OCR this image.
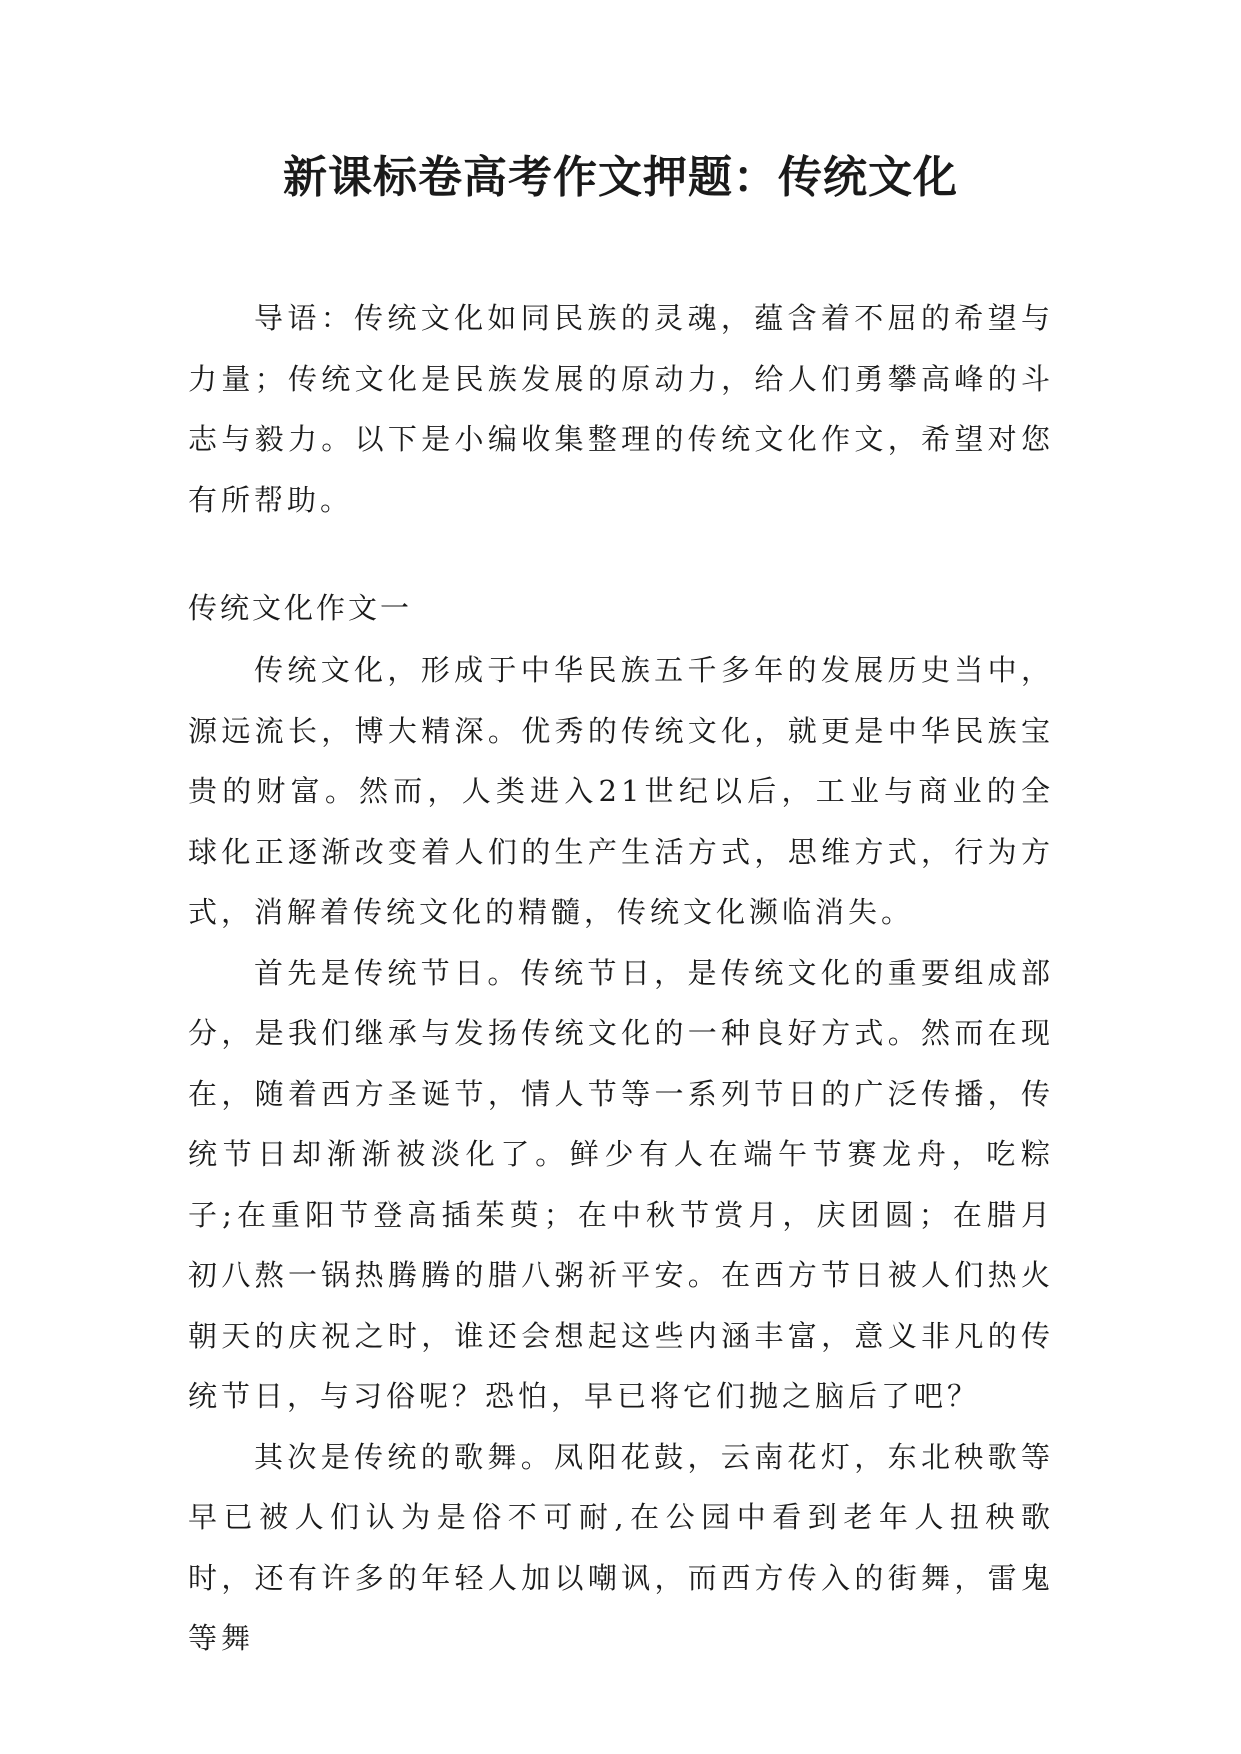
新课标卷高考作文押题：传统文化

导语：传统文化如同民族的灵魂，蕴含着不屈的希望与力量；传统文化是民族发展的原动力，给人们勇攀高峰的斗志与毅力。以下是小编收集整理的传统文化作文，希望对您有所帮助。

传统文化作文一

传统文化，形成于中华民族五千多年的发展历史当中，源远流长，博大精深。优秀的传统文化，就更是中华民族宝贵的财富。然而，人类进入21世纪以后，工业与商业的全球化正逐渐改变着人们的生产生活方式，思维方式，行为方式，消解着传统文化的精髓，传统文化濒临消失。

首先是传统节日。传统节日，是传统文化的重要组成部分，是我们继承与发扬传统文化的一种良好方式。然而在现在，随着西方圣诞节，情人节等一系列节日的广泛传播，传统节日却渐渐被淡化了。鲜少有人在端午节赛龙舟，吃粽子;在重阳节登高插茱萸；在中秋节赏月，庆团圆；在腊月初八熬一锅热腾腾的腊八粥祈平安。在西方节日被人们热火朝天的庆祝之时，谁还会想起这些内涵丰富，意义非凡的传统节日，与习俗呢？恐怕，早已将它们抛之脑后了吧？

其次是传统的歌舞。凤阳花鼓，云南花灯，东北秧歌等早已被人们认为是俗不可耐,在公园中看到老年人扭秧歌时，还有许多的年轻人加以嘲讽，而西方传入的街舞，雷鬼等舞
